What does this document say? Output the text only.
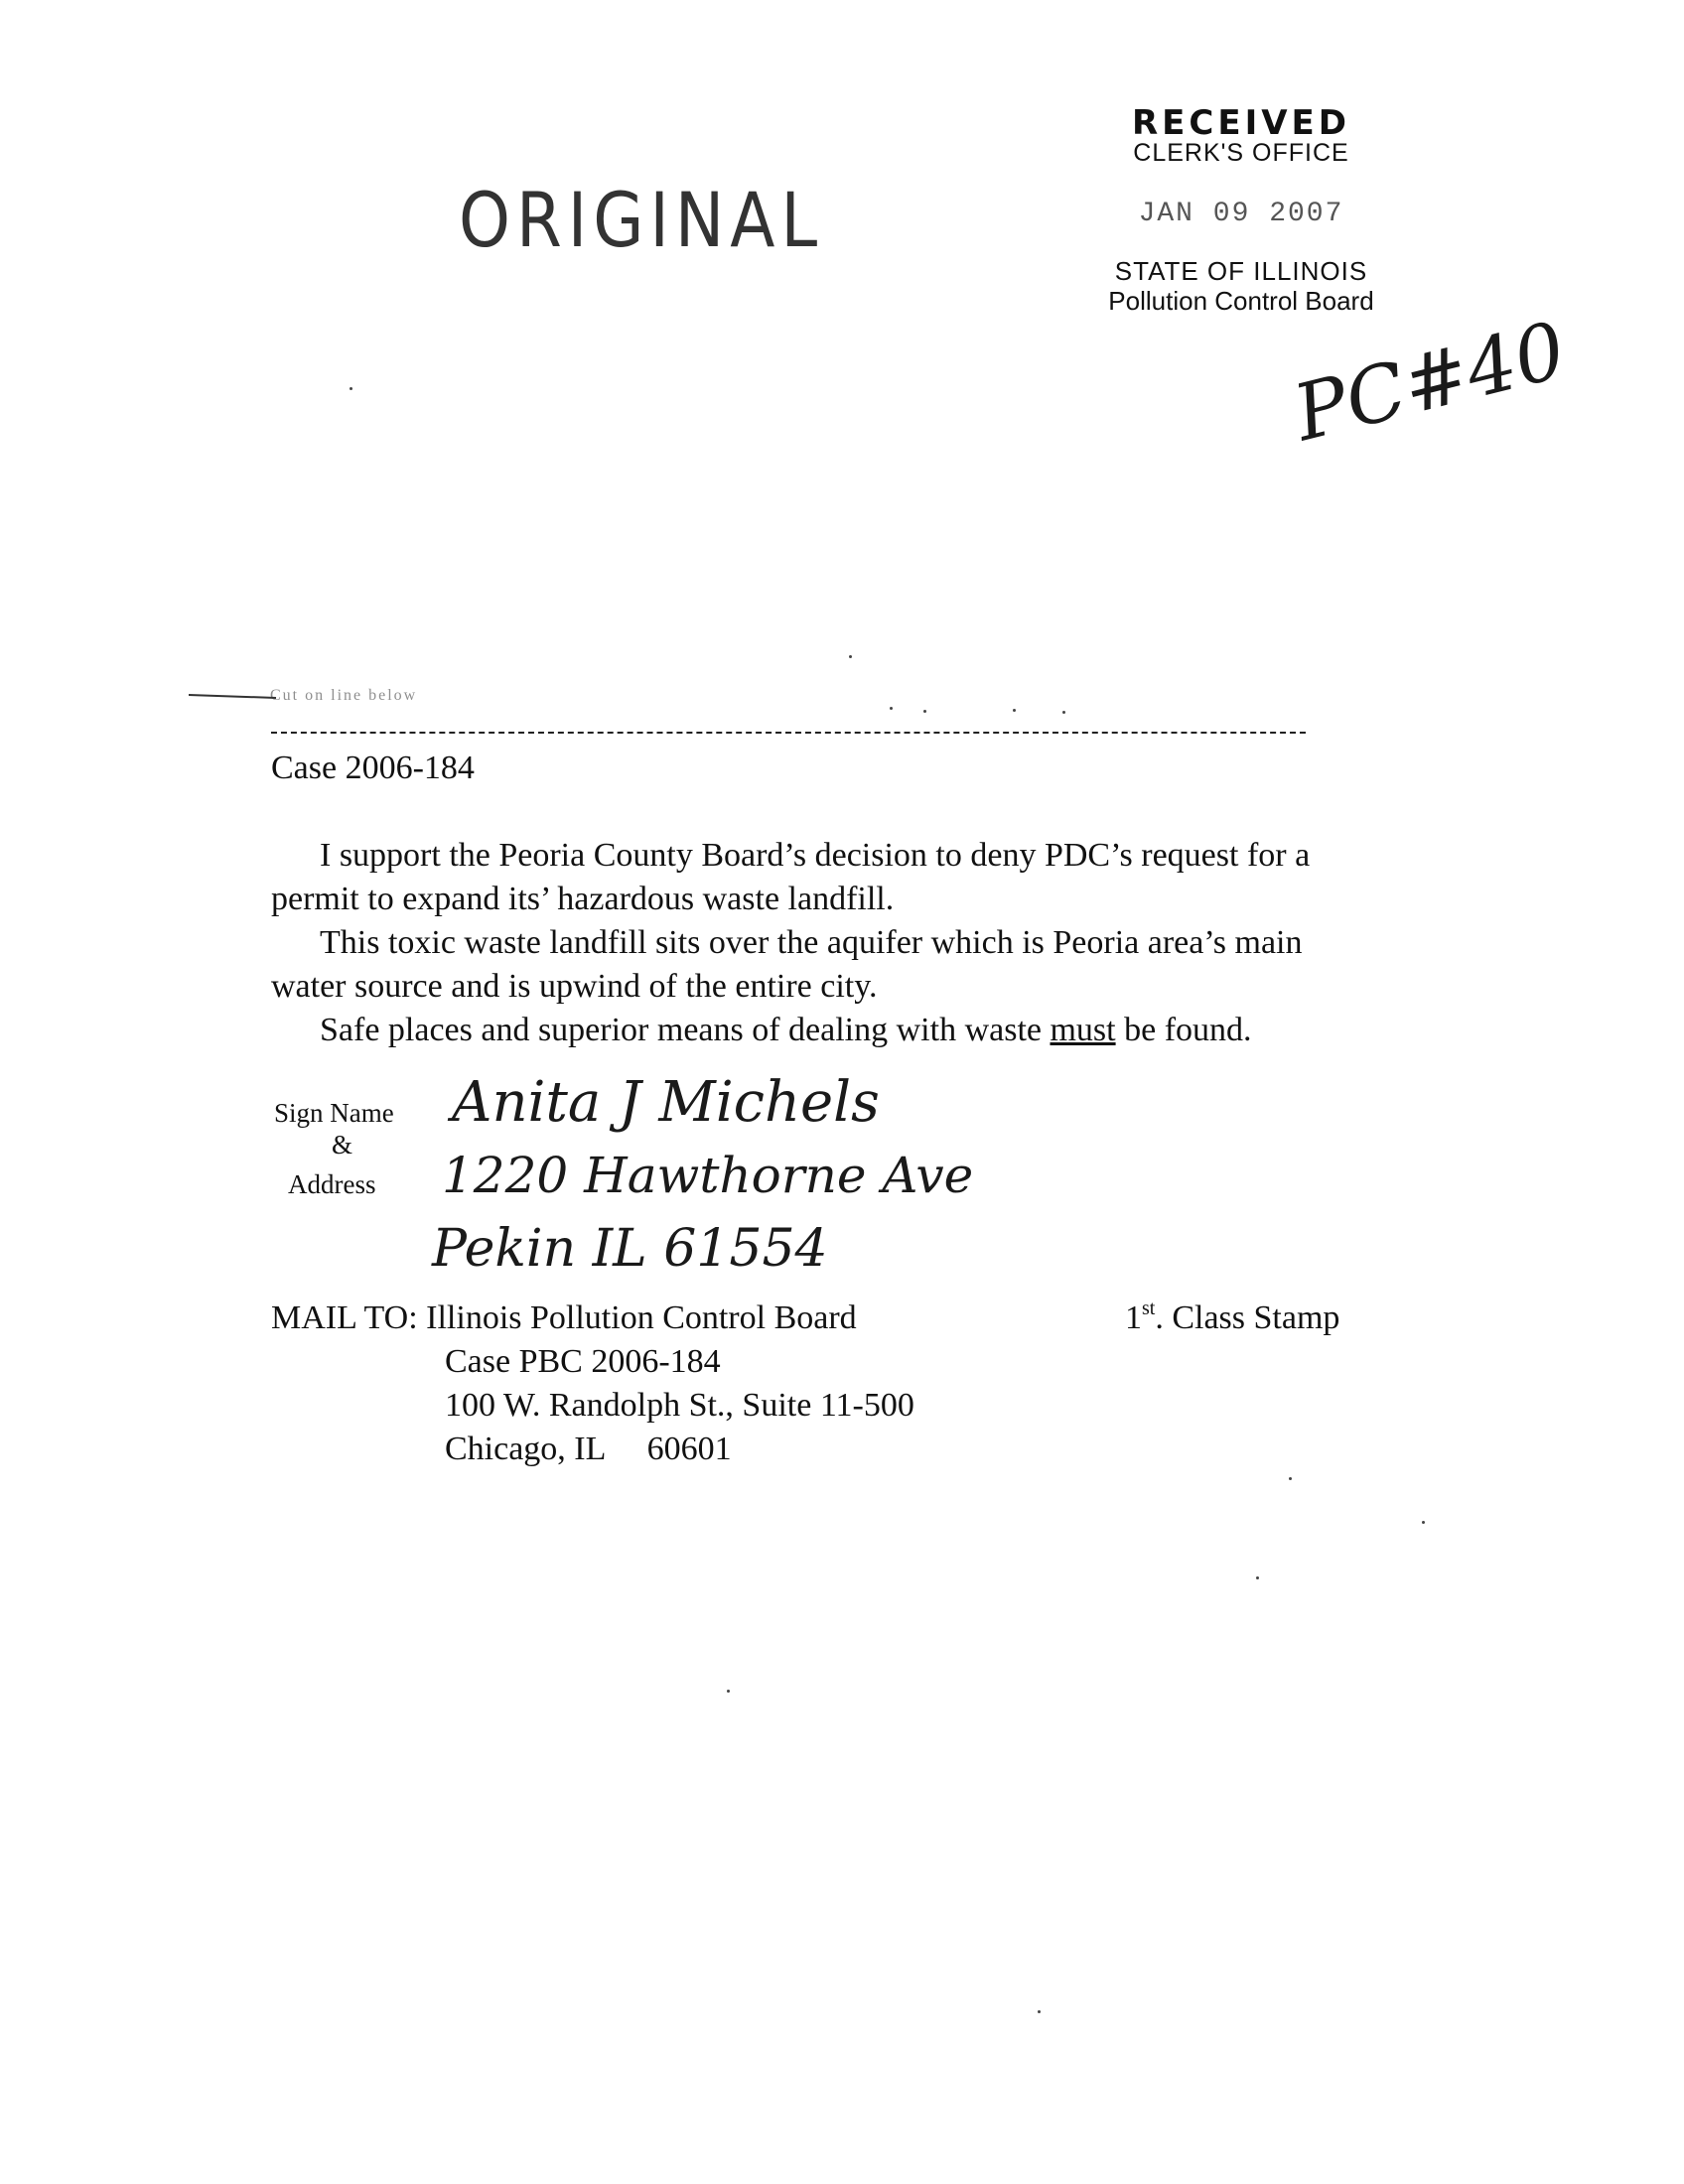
RECEIVED
CLERK'S OFFICE
JAN 09 2007
STATE OF ILLINOIS
Pollution Control Board
ORIGINAL
PC#40
Cut on line below
Case 2006-184
I support the Peoria County Board’s decision to deny PDC’s request for a
permit to expand its’ hazardous waste landfill.
This toxic waste landfill sits over the aquifer which is Peoria area’s main
water source and is upwind of the entire city.
Safe places and superior means of dealing with waste must be found.
Sign Name
&
Address
Anita J Michels
1220 Hawthorne Ave
Pekin IL 61554
MAIL TO: Illinois Pollution Control Board
Case PBC 2006-184
100 W. Randolph St., Suite 11-500
Chicago, IL     60601
1st. Class Stamp
